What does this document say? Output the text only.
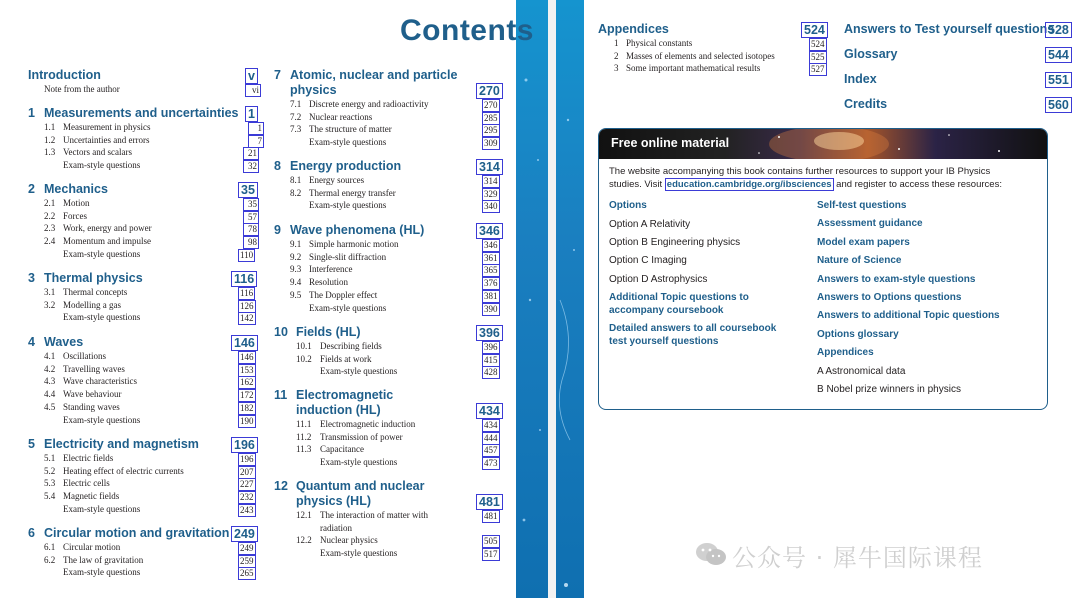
Contents
Introduction	v
Note from the author	vi
1 Measurements and uncertainties 1
1.1 Measurement in physics	1
1.2 Uncertainties and errors	7
1.3 Vectors and scalars	21
Exam-style questions	32
2 Mechanics	35
2.1 Motion	35
2.2 Forces	57
2.3 Work, energy and power	78
2.4 Momentum and impulse	98
Exam-style questions	110
3 Thermal physics	116
3.1 Thermal concepts	116
3.2 Modelling a gas	126
Exam-style questions	142
4 Waves	146
4.1 Oscillations	146
4.2 Travelling waves	153
4.3 Wave characteristics	162
4.4 Wave behaviour	172
4.5 Standing waves	182
Exam-style questions	190
5 Electricity and magnetism	196
5.1 Electric fields	196
5.2 Heating effect of electric currents	207
5.3 Electric cells	227
5.4 Magnetic fields	232
Exam-style questions	243
6 Circular motion and gravitation 249
6.1 Circular motion	249
6.2 The law of gravitation	259
Exam-style questions	265
7 Atomic, nuclear and particle
physics	270
7.1 Discrete energy and radioactivity	270
7.2 Nuclear reactions	285
7.3 The structure of matter	295
Exam-style questions	309
8 Energy production	314
8.1 Energy sources	314
8.2 Thermal energy transfer	329
Exam-style questions	340
9 Wave phenomena (HL)	346
9.1 Simple harmonic motion	346
9.2 Single-slit diffraction	361
9.3 Interference	365
9.4 Resolution	376
9.5 The Doppler effect	381
Exam-style questions	390
10 Fields (HL)	396
10.1 Describing fields	396
10.2 Fields at work	415
Exam-style questions	428
11 Electromagnetic
induction (HL)	434
11.1 Electromagnetic induction	434
11.2 Transmission of power	444
11.3 Capacitance	457
Exam-style questions	473
12 Quantum and nuclear
physics (HL)	481
12.1 The interaction of matter with	481
radiation
12.2 Nuclear physics	505
Exam-style questions	517
Appendices	524
1 Physical constants	524
2 Masses of elements and selected isotopes	525
3 Some important mathematical results	527
Answers to Test yourself questions
528
Glossary	544
Index	551
Credits	560
Free online material
The website accompanying this book contains further resources to support your IB Physics
studies. Visit education.cambridge.org/ibsciences and register to access these resources:
Options
Option A Relativity
Option B Engineering physics
Option C Imaging
Option D Astrophysics
Additional Topic questions to
accompany coursebook
Detailed answers to all coursebook
test yourself questions
Self-test questions
Assessment guidance
Model exam papers
Nature of Science
Answers to exam-style questions
Answers to Options questions
Answers to additional Topic questions
Options glossary
Appendices
A Astronomical data
B Nobel prize winners in physics
公众号 · 犀牛国际课程
